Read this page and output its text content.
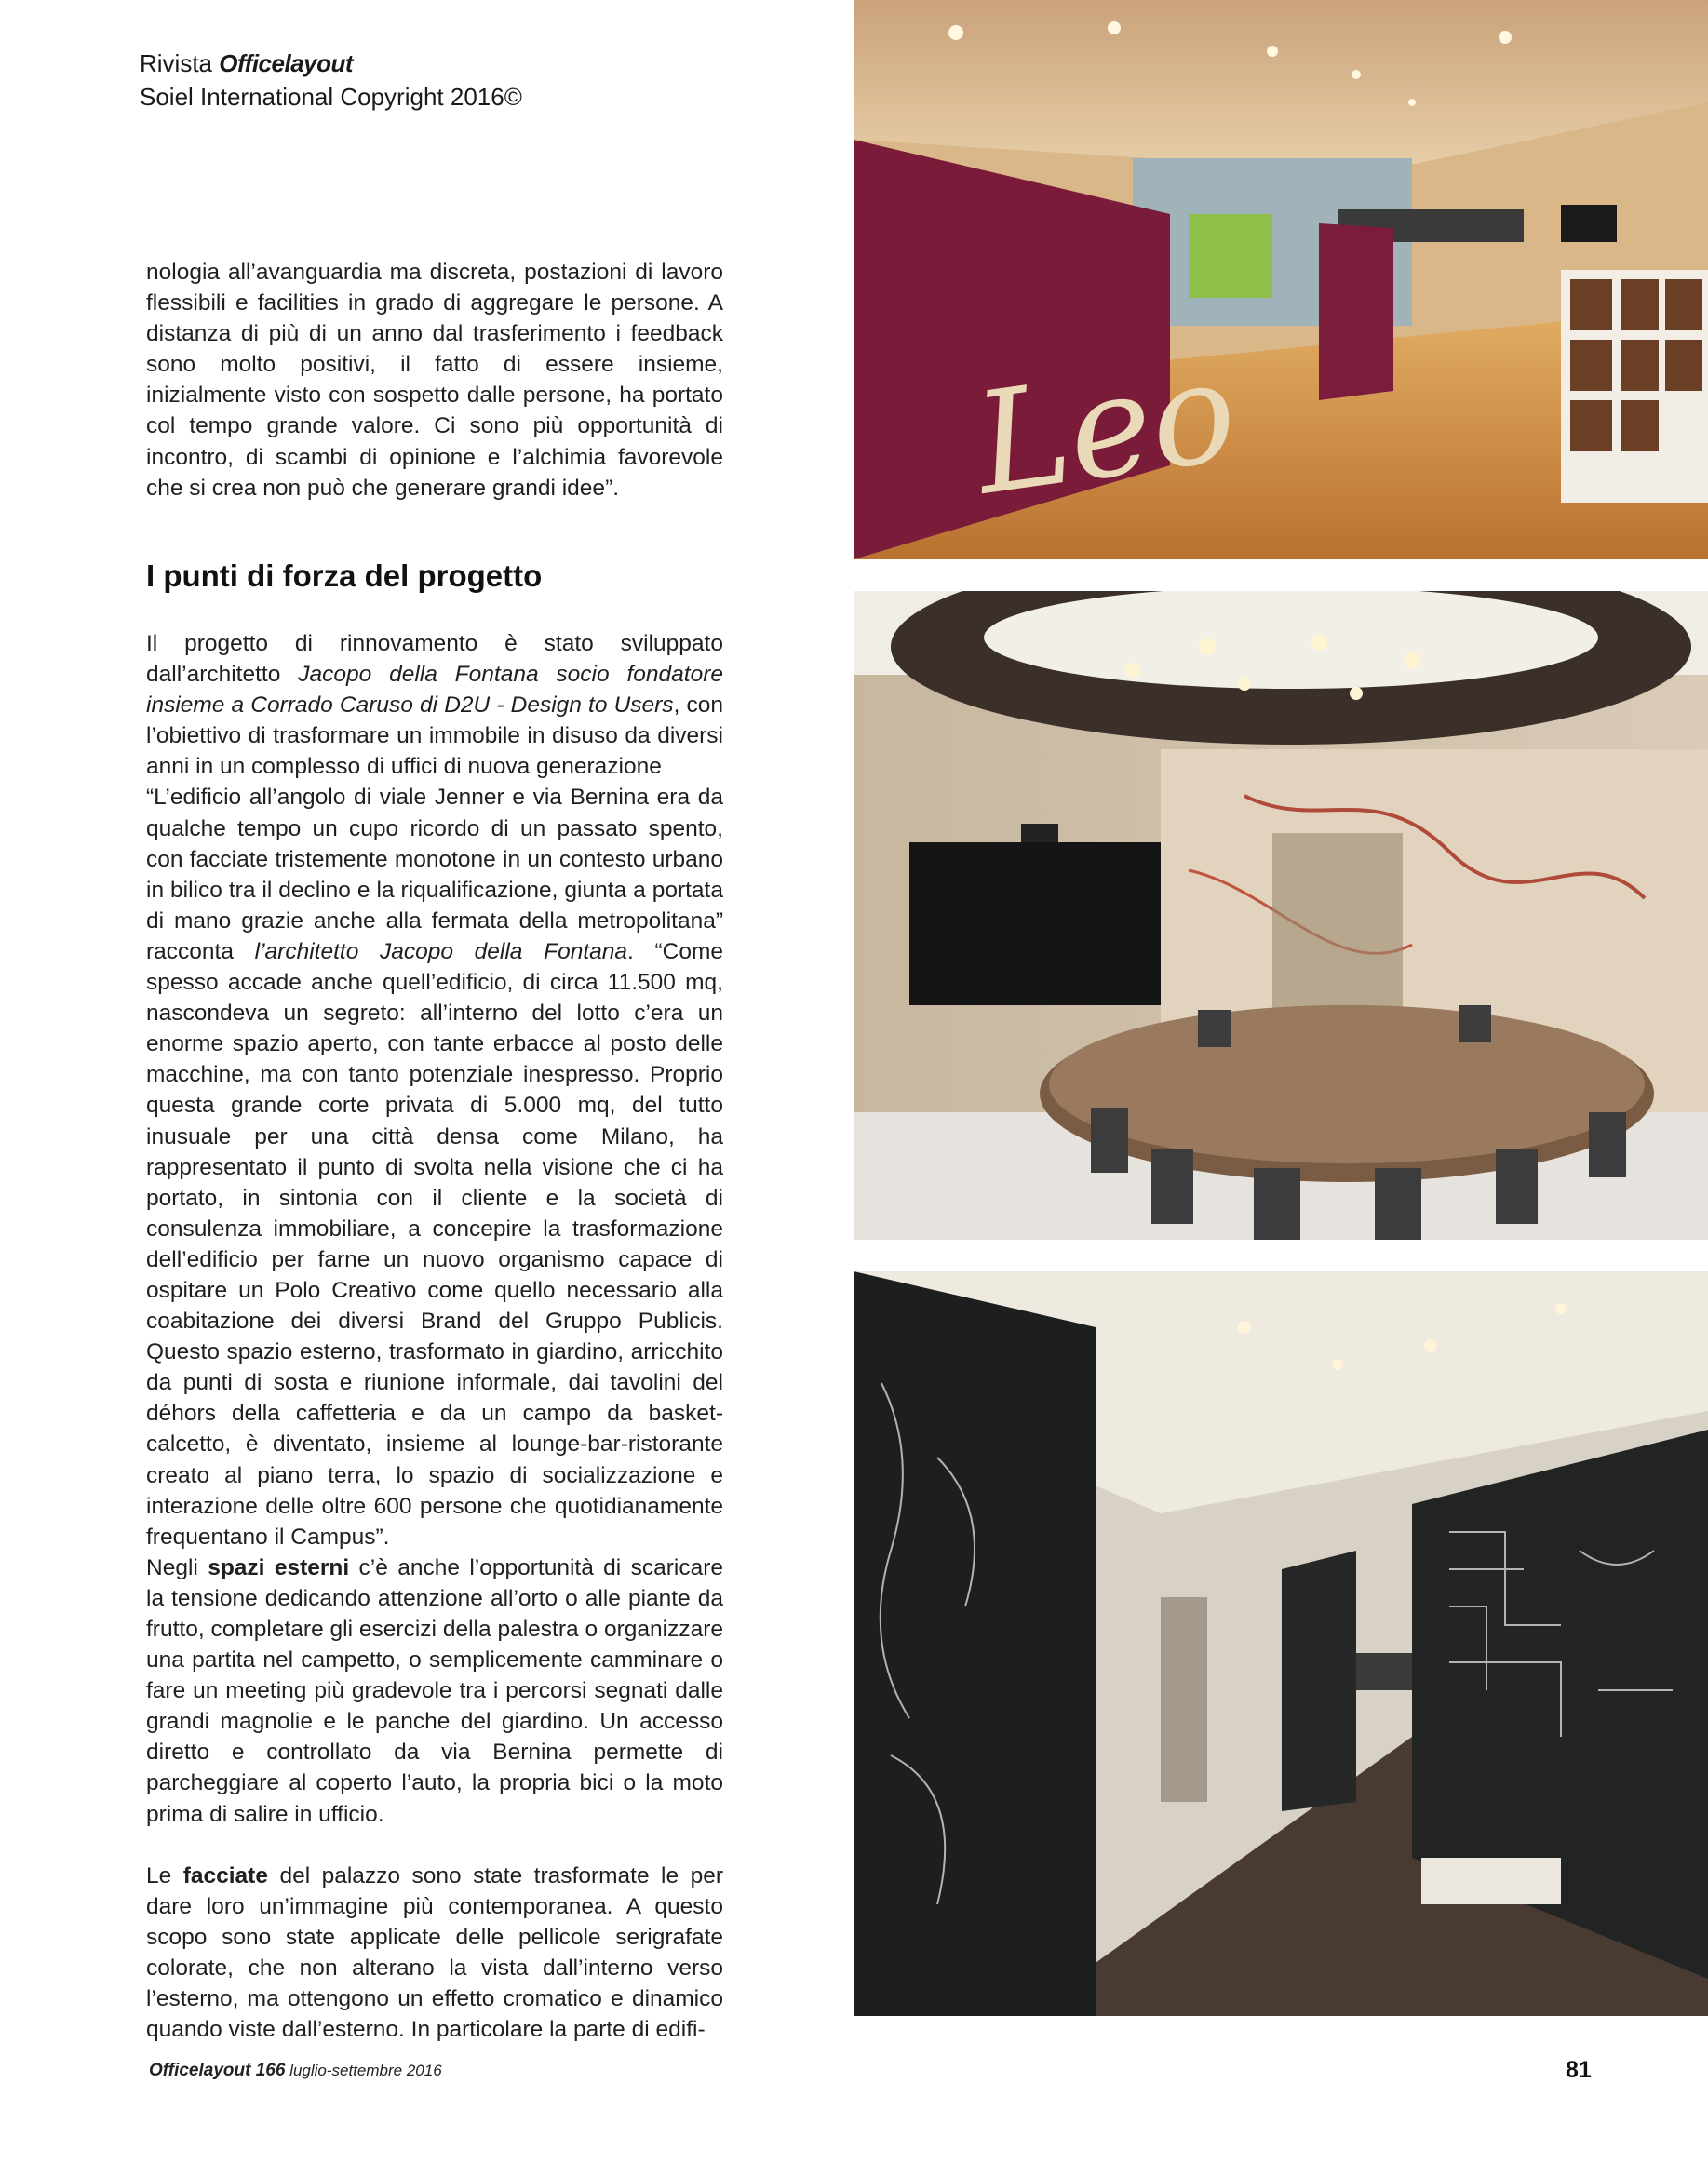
Rivista Officelayout
Soiel International Copyright 2016©

nologia all’avanguardia ma discreta, postazioni di lavoro flessibili e facilities in grado di aggregare le persone. A distanza di più di un anno dal trasferimento i feedback sono molto positivi, il fatto di essere insieme, inizialmente visto con sospetto dalle persone, ha portato col tempo grande valore. Ci sono più opportunità di incontro, di scambi di opinione e l’alchimia favorevole che si crea non può che generare grandi idee”.

I punti di forza del progetto

Il progetto di rinnovamento è stato sviluppato dall’architetto Jacopo della Fontana socio fondatore insieme a Corrado Caruso di D2U - Design to Users, con l’obiettivo di trasformare un immobile in disuso da diversi anni in un complesso di uffici di nuova generazione

“L’edificio all’angolo di viale Jenner e via Bernina era da qualche tempo un cupo ricordo di un passato spento, con facciate tristemente monotone in un contesto urbano in bilico tra il declino e la riqualificazione, giunta a portata di mano grazie anche alla fermata della metropolitana” racconta l’architetto Jacopo della Fontana. “Come spesso accade anche quell’edificio, di circa 11.500 mq, nascondeva un segreto: all’interno del lotto c’era un enorme spazio aperto, con tante erbacce al posto delle macchine, ma con tanto potenziale inespresso. Proprio questa grande corte privata di 5.000 mq, del tutto inusuale per una città densa come Milano, ha rappresentato il punto di svolta nella visione che ci ha portato, in sintonia con il cliente e la società di consulenza immobiliare, a concepire la trasformazione dell’edificio per farne un nuovo organismo capace di ospitare un Polo Creativo come quello necessario alla coabitazione dei diversi Brand del Gruppo Publicis. Questo spazio esterno, trasformato in giardino, arricchito da punti di sosta e riunione informale, dai tavolini del déhors della caffetteria e da un campo da basket-calcetto, è diventato, insieme al lounge-bar-ristorante creato al piano terra, lo spazio di socializzazione e interazione delle oltre 600 persone che quotidianamente frequentano il Campus”.

Negli spazi esterni c’è anche l’opportunità di scaricare la tensione dedicando attenzione all’orto o alle piante da frutto, completare gli esercizi della palestra o organizzare una partita nel campetto, o semplicemente camminare o fare un meeting più gradevole tra i percorsi segnati dalle grandi magnolie e le panche del giardino. Un accesso diretto e controllato da via Bernina permette di parcheggiare al coperto l’auto, la propria bici o la moto prima di salire in ufficio.

Le facciate del palazzo sono state trasformate le per dare loro un’immagine più contemporanea. A questo scopo sono state applicate delle pellicole serigrafate colorate, che non alterano la vista dall’interno verso l’esterno, ma ottengono un effetto cromatico e dinamico quando viste dall’esterno. In particolare la parte di edifi-

Leo
Officelayout 166 luglio-settembre 2016	81
